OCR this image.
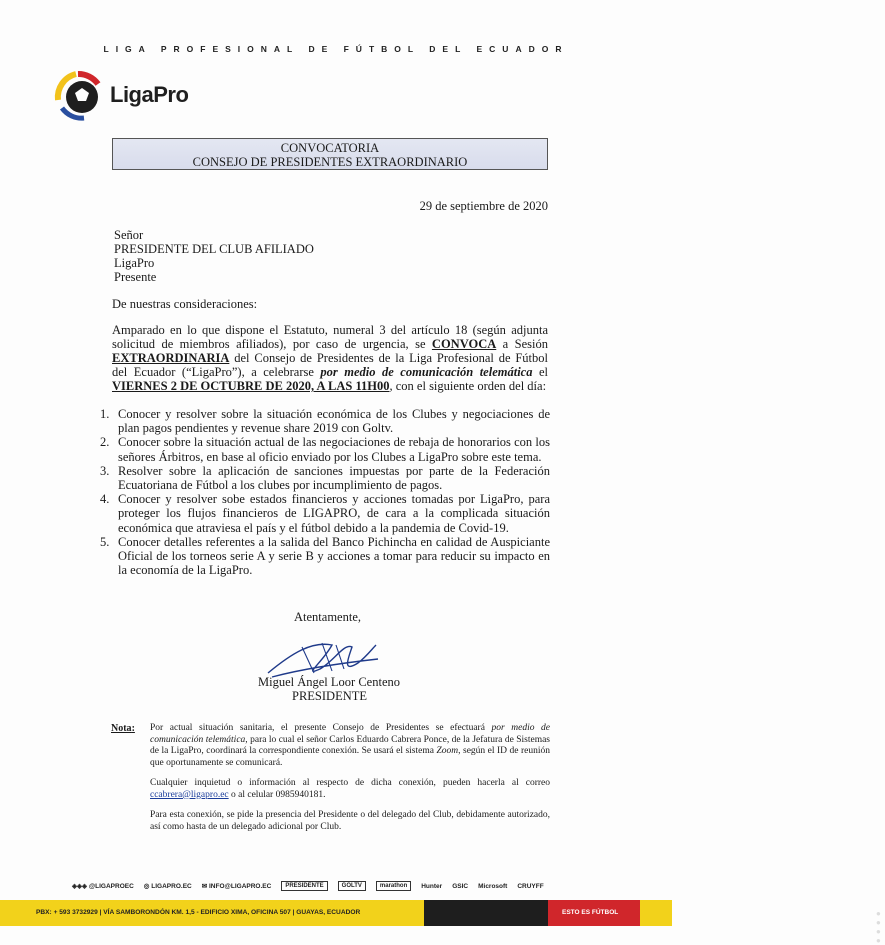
LIGA PROFESIONAL DE FÚTBOL DEL ECUADOR
LigaPro
CONVOCATORIA
CONSEJO DE PRESIDENTES EXTRAORDINARIO
29 de septiembre de 2020
Señor
PRESIDENTE DEL CLUB AFILIADO
LigaPro
Presente
De nuestras consideraciones:
Amparado en lo que dispone el Estatuto, numeral 3 del artículo 18 (según adjunta solicitud de miembros afiliados), por caso de urgencia, se CONVOCA a Sesión EXTRAORDINARIA del Consejo de Presidentes de la Liga Profesional de Fútbol del Ecuador (“LigaPro”), a celebrarse por medio de comunicación telemática el VIERNES 2 DE OCTUBRE DE 2020, A LAS 11H00, con el siguiente orden del día:
1. Conocer y resolver sobre la situación económica de los Clubes y negociaciones de plan pagos pendientes y revenue share 2019 con Goltv.
2. Conocer sobre la situación actual de las negociaciones de rebaja de honorarios con los señores Árbitros, en base al oficio enviado por los Clubes a LigaPro sobre este tema.
3. Resolver sobre la aplicación de sanciones impuestas por parte de la Federación Ecuatoriana de Fútbol a los clubes por incumplimiento de pagos.
4. Conocer y resolver sobe estados financieros y acciones tomadas por LigaPro, para proteger los flujos financieros de LIGAPRO, de cara a la complicada situación económica que atraviesa el país y el fútbol debido a la pandemia de Covid-19.
5. Conocer detalles referentes a la salida del Banco Pichincha en calidad de Auspiciante Oficial de los torneos serie A y serie B y acciones a tomar para reducir su impacto en la economía de la LigaPro.
Atentamente,
Miguel Ángel Loor Centeno
PRESIDENTE
Nota: Por actual situación sanitaria, el presente Consejo de Presidentes se efectuará por medio de comunicación telemática, para lo cual el señor Carlos Eduardo Cabrera Ponce, de la Jefatura de Sistemas de la LigaPro, coordinará la correspondiente conexión. Se usará el sistema Zoom, según el ID de reunión que oportunamente se comunicará.

Cualquier inquietud o información al respecto de dicha conexión, pueden hacerla al correo ccabrera@ligapro.ec o al celular 0985940181.

Para esta conexión, se pide la presencia del Presidente o del delegado del Club, debidamente autorizado, así como hasta de un delegado adicional por Club.

◈◈◈ @LIGAPROEC ◎ LIGAPRO.EC ✉ INFO@LIGAPRO.EC	PRESIDENTE	GOLTV	marathon	Hunter GSIC Microsoft CRUYFF
PBX: + 593 3732929 | VÍA SAMBORONDÓN KM. 1,5 - EDIFICIO XIMA, OFICINA 507 | GUAYAS, ECUADOR	● ● ● ●
ESTO ES FÚTBOL
